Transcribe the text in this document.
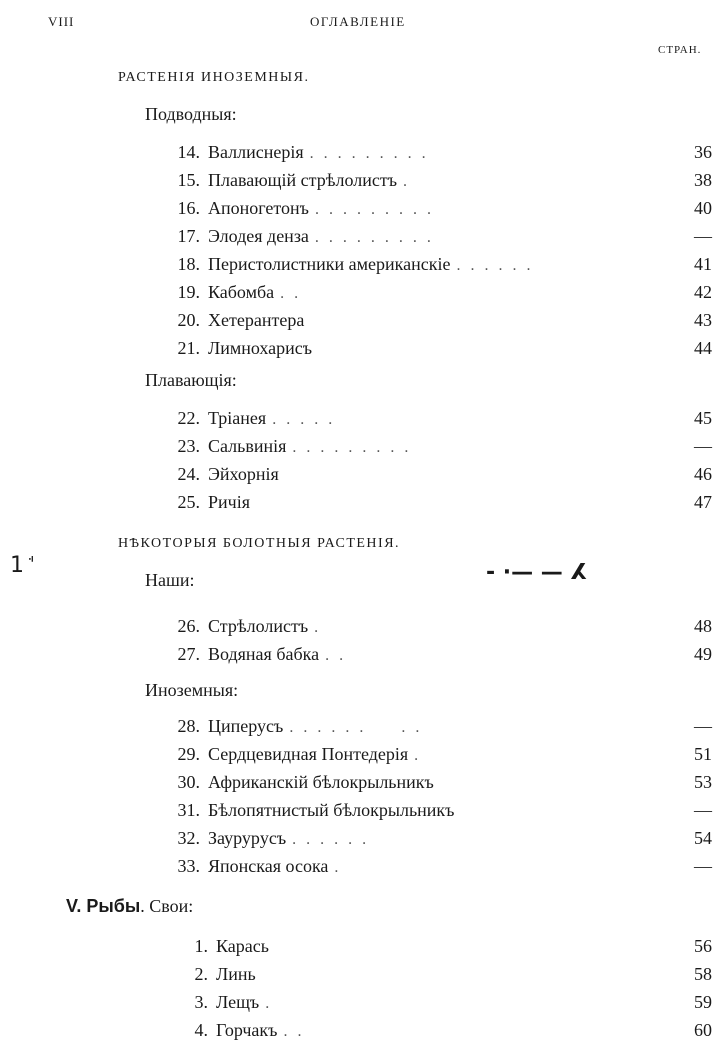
VIII	ОГЛАВЛЕНІЕ
СТРАН.
РАСТЕНІЯ ИНОЗЕМНЫЯ.
Подводныя:
Плавающія:
НѢКОТОРЫЯ БОЛОТНЫЯ РАСТЕНІЯ.
1 ꜗ
Наши:	- ·— — ⵃ
Иноземныя:
V. Рыбы. Свои:
14. Валлиснерія . . . . . . . . .	36
15. Плавающій стрѣлолистъ .	38
16. Апоногетонъ . . . . . . . . .	40
17. Элодея денза . . . . . . . . .	—
18. Перистолистники американскіе . . . . . .	41
19. Кабомба . .	42
20. Хетерантера	43
21. Лимнохарисъ	44
22. Тріанея . . . . .	45
23. Сальвинія . . . . . . . . .	—
24. Эйхорнія	46
25. Ричія	47
26. Стрѣлолистъ .	48
27. Водяная бабка . .	49
28. Циперусъ . . . . . .     . .	—
29. Сердцевидная Понтедерія .	51
30. Африканскій бѣлокрыльникъ	53
31. Бѣлопятнистый бѣлокрыльникъ	—
32. Зауруpусъ . . . . . .	54
33. Японская осока .	—
1. Карась	56
2. Линь	58
3. Лещъ .	59
4. Горчакъ . .	60
